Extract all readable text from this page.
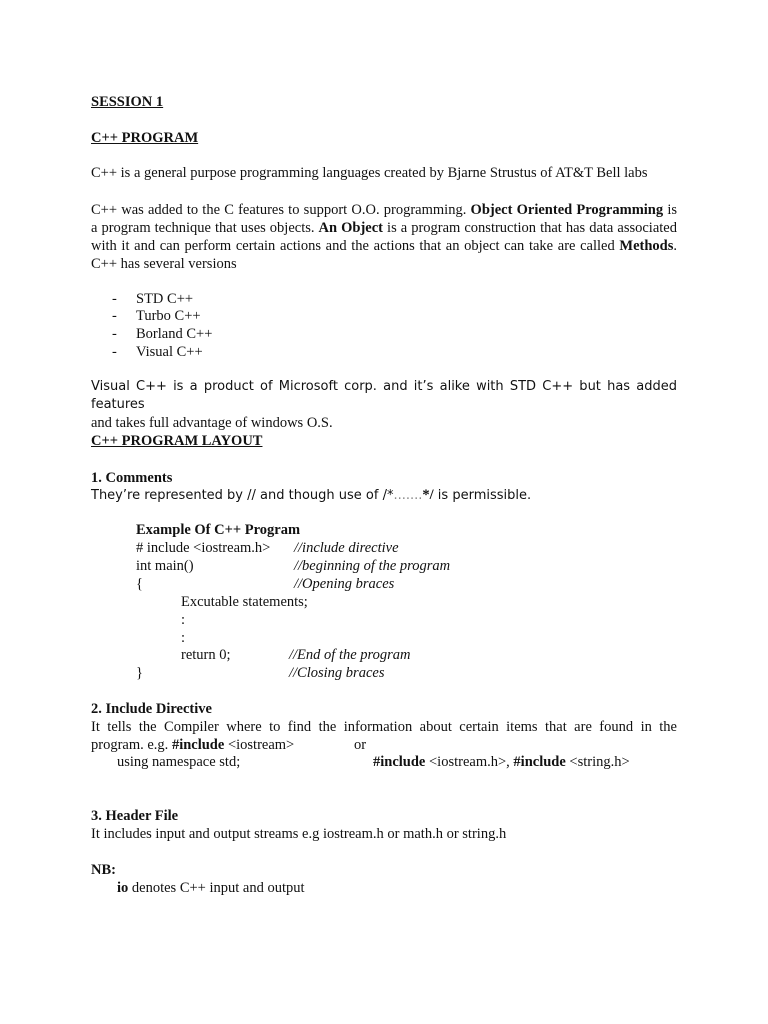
SESSION 1
C++ PROGRAM
C++ is a general purpose programming languages created by Bjarne Strustus of AT&T Bell labs
C++ was added to the C features to support O.O. programming. Object Oriented Programming is a program technique that uses objects. An Object is a program construction that has data associated with it and can perform certain actions and the actions that an object can take are called Methods. C++ has several versions
- STD C++
- Turbo C++
- Borland C++
- Visual C++
Visual C++ is a product of Microsoft corp. and it’s alike with STD C++ but has added features
and takes full advantage of windows O.S.
C++ PROGRAM LAYOUT
1. Comments
They’re represented by // and though use of /*.......*/ is permissible.
Example Of C++ Program
# include <iostream.h> //include directive
int main()	//beginning of the program
{	//Opening braces
Excutable statements;
:
:
return 0;	//End of the program
}	//Closing braces
2. Include Directive
It tells the Compiler where to find the information about certain items that are found in the
program. e.g. #include <iostream>	or
using namespace std;	#include <iostream.h>, #include <string.h>
3. Header File
It includes input and output streams e.g iostream.h or math.h or string.h
NB:
io denotes C++ input and output
